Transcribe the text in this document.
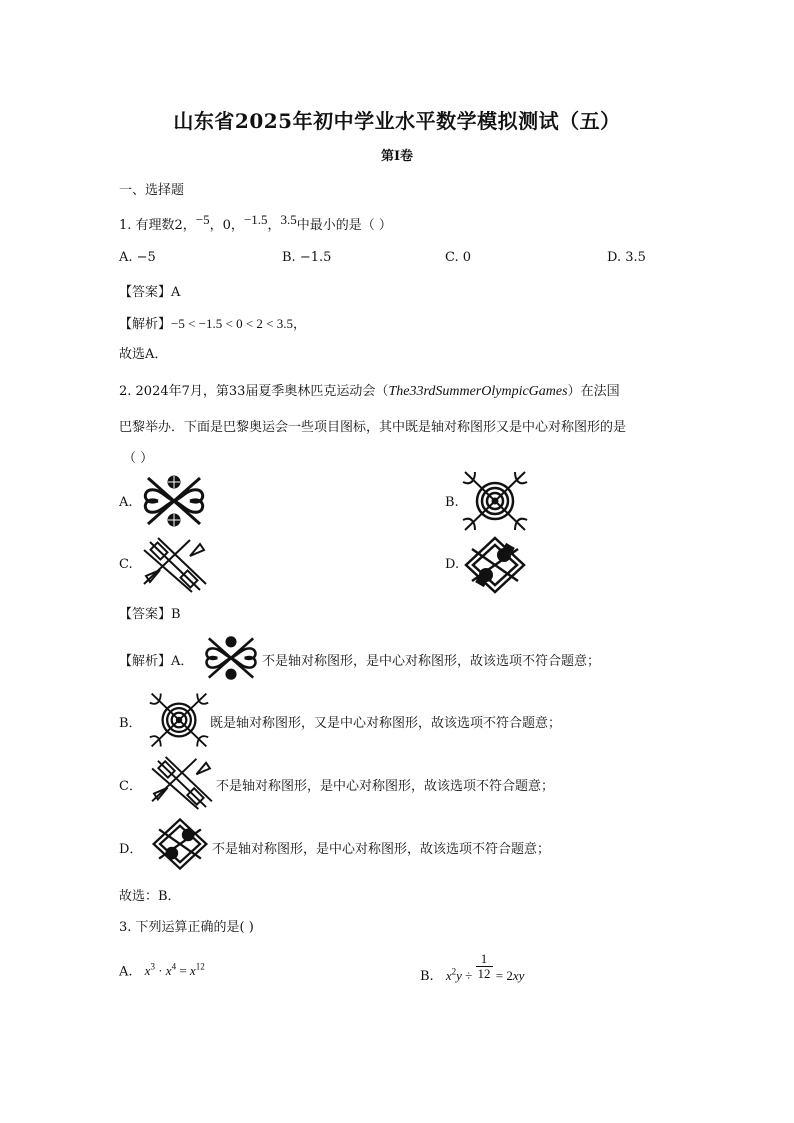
山东省2025年初中学业水平数学模拟测试（五）
第I卷
一、选择题
1. 有理数2，−5，0，−1.5，3.5中最小的是（ ）
A. −5	B. −1.5	C. 0	D. 3.5
【答案】A
【解析】−5 < −1.5 < 0 < 2 < 3.5，
故选A．
2. 2024年7月，第33届夏季奥林匹克运动会（The33rdSummerOlympicGames）在法国
巴黎举办．下面是巴黎奥运会一些项目图标，其中既是轴对称图形又是中心对称图形的是
（ ）
A.	B.
C.	D.
【答案】B
【解析】A．	不是轴对称图形，是中心对称图形，故该选项不符合题意；
B．	既是轴对称图形，又是中心对称图形，故该选项不符合题意；
C．	不是轴对称图形，是中心对称图形，故该选项不符合题意；
D．	不是轴对称图形，是中心对称图形，故该选项不符合题意；
故选：B．
3. 下列运算正确的是( )
A. $x^3 \cdot x^4 = x^{12}$
B. $x^2y \div \frac{1}{12} = 2xy$
